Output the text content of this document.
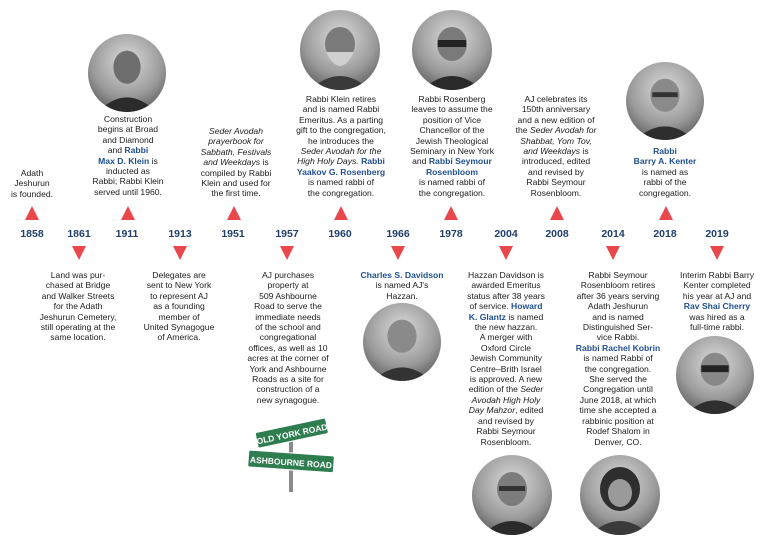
Adath
Jeshurun
is founded.
Construction
begins at Broad
and Diamond
and Rabbi
Max D. Klein is
inducted as
Rabbi; Rabbi Klein
served until 1960.
Seder Avodah
prayerbook for
Sabbath, Festivals
and Weekdays is
compiled by Rabbi
Klein and used for
the first time.
Rabbi Klein retires
and is named Rabbi
Emeritus. As a parting
gift to the congregation,
he introduces the
Seder Avodah for the
High Holy Days. Rabbi
Yaakov G. Rosenberg
is named rabbi of
the congregation.
Rabbi Rosenberg
leaves to assume the
position of Vice
Chancellor of the
Jewish Theological
Seminary in New York
and Rabbi Seymour
Rosenbloom
is named rabbi of
the congregation.
AJ celebrates its
150th anniversary
and a new edition of
the Seder Avodah for
Shabbat, Yom Tov,
and Weekdays is
introduced, edited
and revised by
Rabbi Seymour
Rosenbloom.
Rabbi
Barry A. Kenter
is named as
rabbi of the
congregation.
1858	1861	1911	1913	1951	1957	1960	1966	1978	2004	2008	2014	2018	2019
Land was pur-
chased at Bridge
and Walker Streets
for the Adath
Jeshurun Cemetery,
still operating at the
same location.
Delegates are
sent to New York
to represent AJ
as a founding
member of
United Synagogue
of America.
AJ purchases
property at
509 Ashbourne
Road to serve the
immediate needs
of the school and
congregational
offices, as well as 10
acres at the corner of
York and Ashbourne
Roads as a site for
construction of a
new synagogue.
Charles S. Davidson
is named AJ's
Hazzan.
Hazzan Davidson is
awarded Emeritus
status after 38 years
of service. Howard
K. Glantz is named
the new hazzan.
A merger with
Oxford Circle
Jewish Community
Centre–Brith Israel
is approved. A new
edition of the Seder
Avodah High Holy
Day Mahzor, edited
and revised by
Rabbi Seymour
Rosenbloom.
Rabbi Seymour
Rosenbloom retires
after 36 years serving
Adath Jeshurun
and is named
Distinguished Ser-
vice Rabbi.
Rabbi Rachel Kobrin
is named Rabbi of
the congregation.
She served the
Congregation until
June 2018, at which
time she accepted a
rabbinic position at
Rodef Shalom in
Denver, CO.
Interim Rabbi Barry
Kenter completed
his year at AJ and
Rav Shai Cherry
was hired as a
full-time rabbi.
OLD YORK ROAD
ASHBOURNE ROAD
